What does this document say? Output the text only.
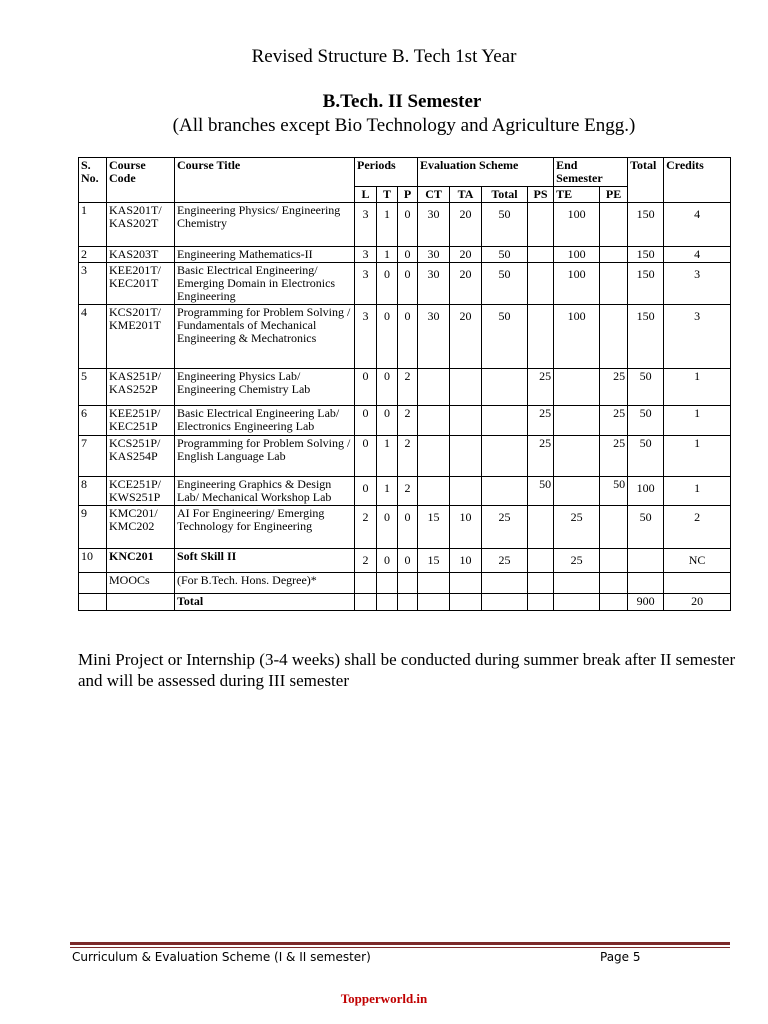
Revised Structure B. Tech 1st Year
B.Tech. II Semester
(All branches except Bio Technology and Agriculture Engg.)
S. No.	Course Code	Course Title	Periods			Evaluation Scheme				End Semester		Total	Credits
			L	T	P	CT	TA	Total	PS	TE	PE		
1	KAS201T/ KAS202T	Engineering Physics/ Engineering Chemistry	3	1	0	30	20	50		100		150	4
2	KAS203T	Engineering Mathematics-II	3	1	0	30	20	50		100		150	4
3	KEE201T/ KEC201T	Basic Electrical Engineering/ Emerging Domain in Electronics Engineering	3	0	0	30	20	50		100		150	3
4	KCS201T/ KME201T	Programming for Problem Solving / Fundamentals of Mechanical Engineering & Mechatronics	3	0	0	30	20	50		100		150	3
5	KAS251P/ KAS252P	Engineering Physics Lab/ Engineering Chemistry Lab	0	0	2				25		25	50	1
6	KEE251P/ KEC251P	Basic Electrical Engineering Lab/ Electronics Engineering Lab	0	0	2				25		25	50	1
7	KCS251P/ KAS254P	Programming for Problem Solving / English Language Lab	0	1	2				25		25	50	1
8	KCE251P/ KWS251P	Engineering Graphics & Design Lab/ Mechanical Workshop Lab	0	1	2				50		50	100	1
9	KMC201/ KMC202	AI For Engineering/ Emerging Technology for Engineering	2	0	0	15	10	25		25		50	2
10	KNC201	Soft Skill II	2	0	0	15	10	25		25			NC
	MOOCs	(For B.Tech. Hons. Degree)*											
		Total										900	20
Mini Project or Internship (3-4 weeks) shall be conducted during summer break after II semester and will be assessed during III semester
Curriculum & Evaluation Scheme (I & II semester)	Page 5
Topperworld.in
